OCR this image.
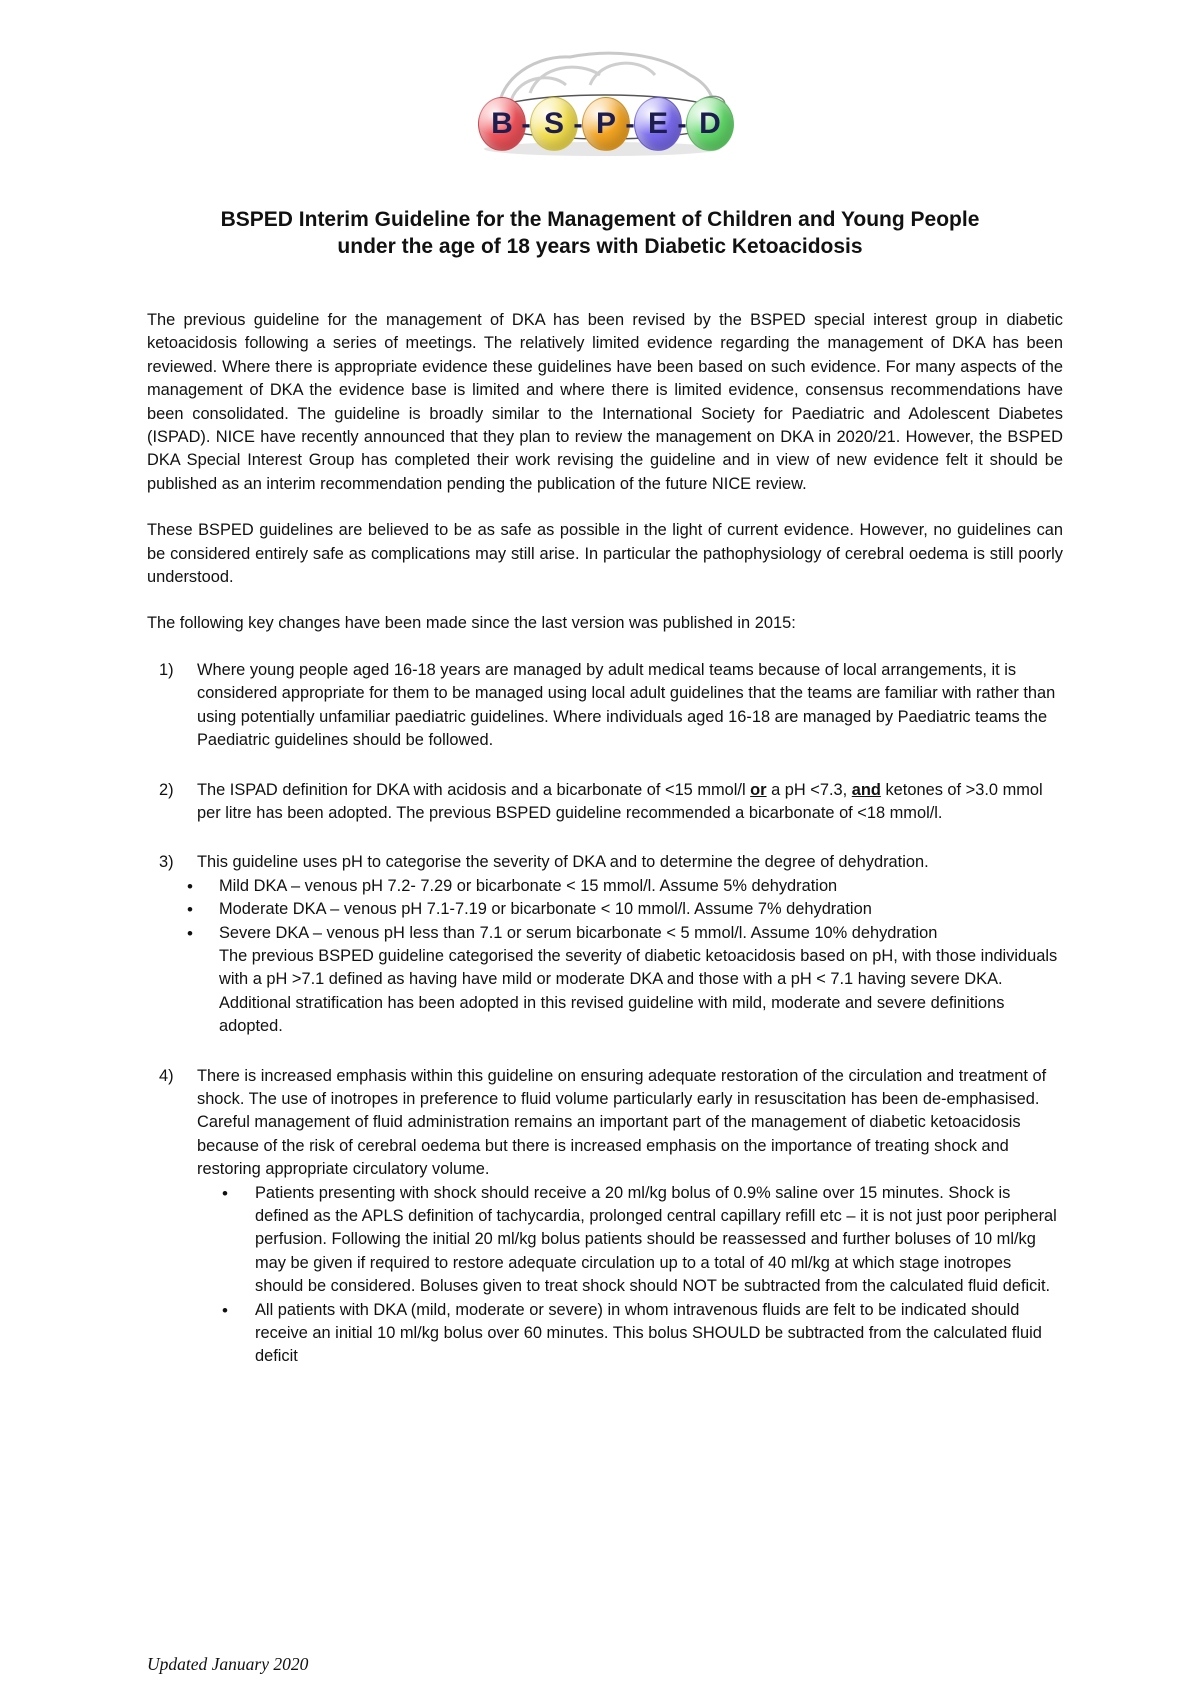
B - S - P - E - D
BSPED Interim Guideline for the Management of Children and Young People
under the age of 18 years with Diabetic Ketoacidosis

The previous guideline for the management of DKA has been revised by the BSPED special interest group in diabetic ketoacidosis following a series of meetings. The relatively limited evidence regarding the management of DKA has been reviewed. Where there is appropriate evidence these guidelines have been based on such evidence. For many aspects of the management of DKA the evidence base is limited and where there is limited evidence, consensus recommendations have been consolidated. The guideline is broadly similar to the International Society for Paediatric and Adolescent Diabetes (ISPAD). NICE have recently announced that they plan to review the management on DKA in 2020/21. However, the BSPED DKA Special Interest Group has completed their work revising the guideline and in view of new evidence felt it should be published as an interim recommendation pending the publication of the future NICE review.

These BSPED guidelines are believed to be as safe as possible in the light of current evidence. However, no guidelines can be considered entirely safe as complications may still arise. In particular the pathophysiology of cerebral oedema is still poorly understood.

The following key changes have been made since the last version was published in 2015:

1)	Where young people aged 16-18 years are managed by adult medical teams because of local arrangements, it is considered appropriate for them to be managed using local adult guidelines that the teams are familiar with rather than using potentially unfamiliar paediatric guidelines. Where individuals aged 16-18 are managed by Paediatric teams the Paediatric guidelines should be followed.
2)	The ISPAD definition for DKA with acidosis and a bicarbonate of <15 mmol/l or a pH <7.3, and ketones of >3.0 mmol per litre has been adopted. The previous BSPED guideline recommended a bicarbonate of <18 mmol/l.
3)	This guideline uses pH to categorise the severity of DKA and to determine the degree of dehydration.
• Mild DKA – venous pH 7.2- 7.29 or bicarbonate < 15 mmol/l. Assume 5% dehydration
• Moderate DKA – venous pH 7.1-7.19 or bicarbonate < 10 mmol/l. Assume 7% dehydration
• Severe DKA – venous pH less than 7.1 or serum bicarbonate < 5 mmol/l. Assume 10% dehydration
The previous BSPED guideline categorised the severity of diabetic ketoacidosis based on pH, with those individuals with a pH >7.1 defined as having have mild or moderate DKA and those with a pH < 7.1 having severe DKA. Additional stratification has been adopted in this revised guideline with mild, moderate and severe definitions adopted.
4)	There is increased emphasis within this guideline on ensuring adequate restoration of the circulation and treatment of shock. The use of inotropes in preference to fluid volume particularly early in resuscitation has been de-emphasised. Careful management of fluid administration remains an important part of the management of diabetic ketoacidosis because of the risk of cerebral oedema but there is increased emphasis on the importance of treating shock and restoring appropriate circulatory volume.
• Patients presenting with shock should receive a 20 ml/kg bolus of 0.9% saline over 15 minutes. Shock is defined as the APLS definition of tachycardia, prolonged central capillary refill etc – it is not just poor peripheral perfusion. Following the initial 20 ml/kg bolus patients should be reassessed and further boluses of 10 ml/kg may be given if required to restore adequate circulation up to a total of 40 ml/kg at which stage inotropes should be considered. Boluses given to treat shock should NOT be subtracted from the calculated fluid deficit.
• All patients with DKA (mild, moderate or severe) in whom intravenous fluids are felt to be indicated should receive an initial 10 ml/kg bolus over 60 minutes. This bolus SHOULD be subtracted from the calculated fluid deficit
Updated January 2020
